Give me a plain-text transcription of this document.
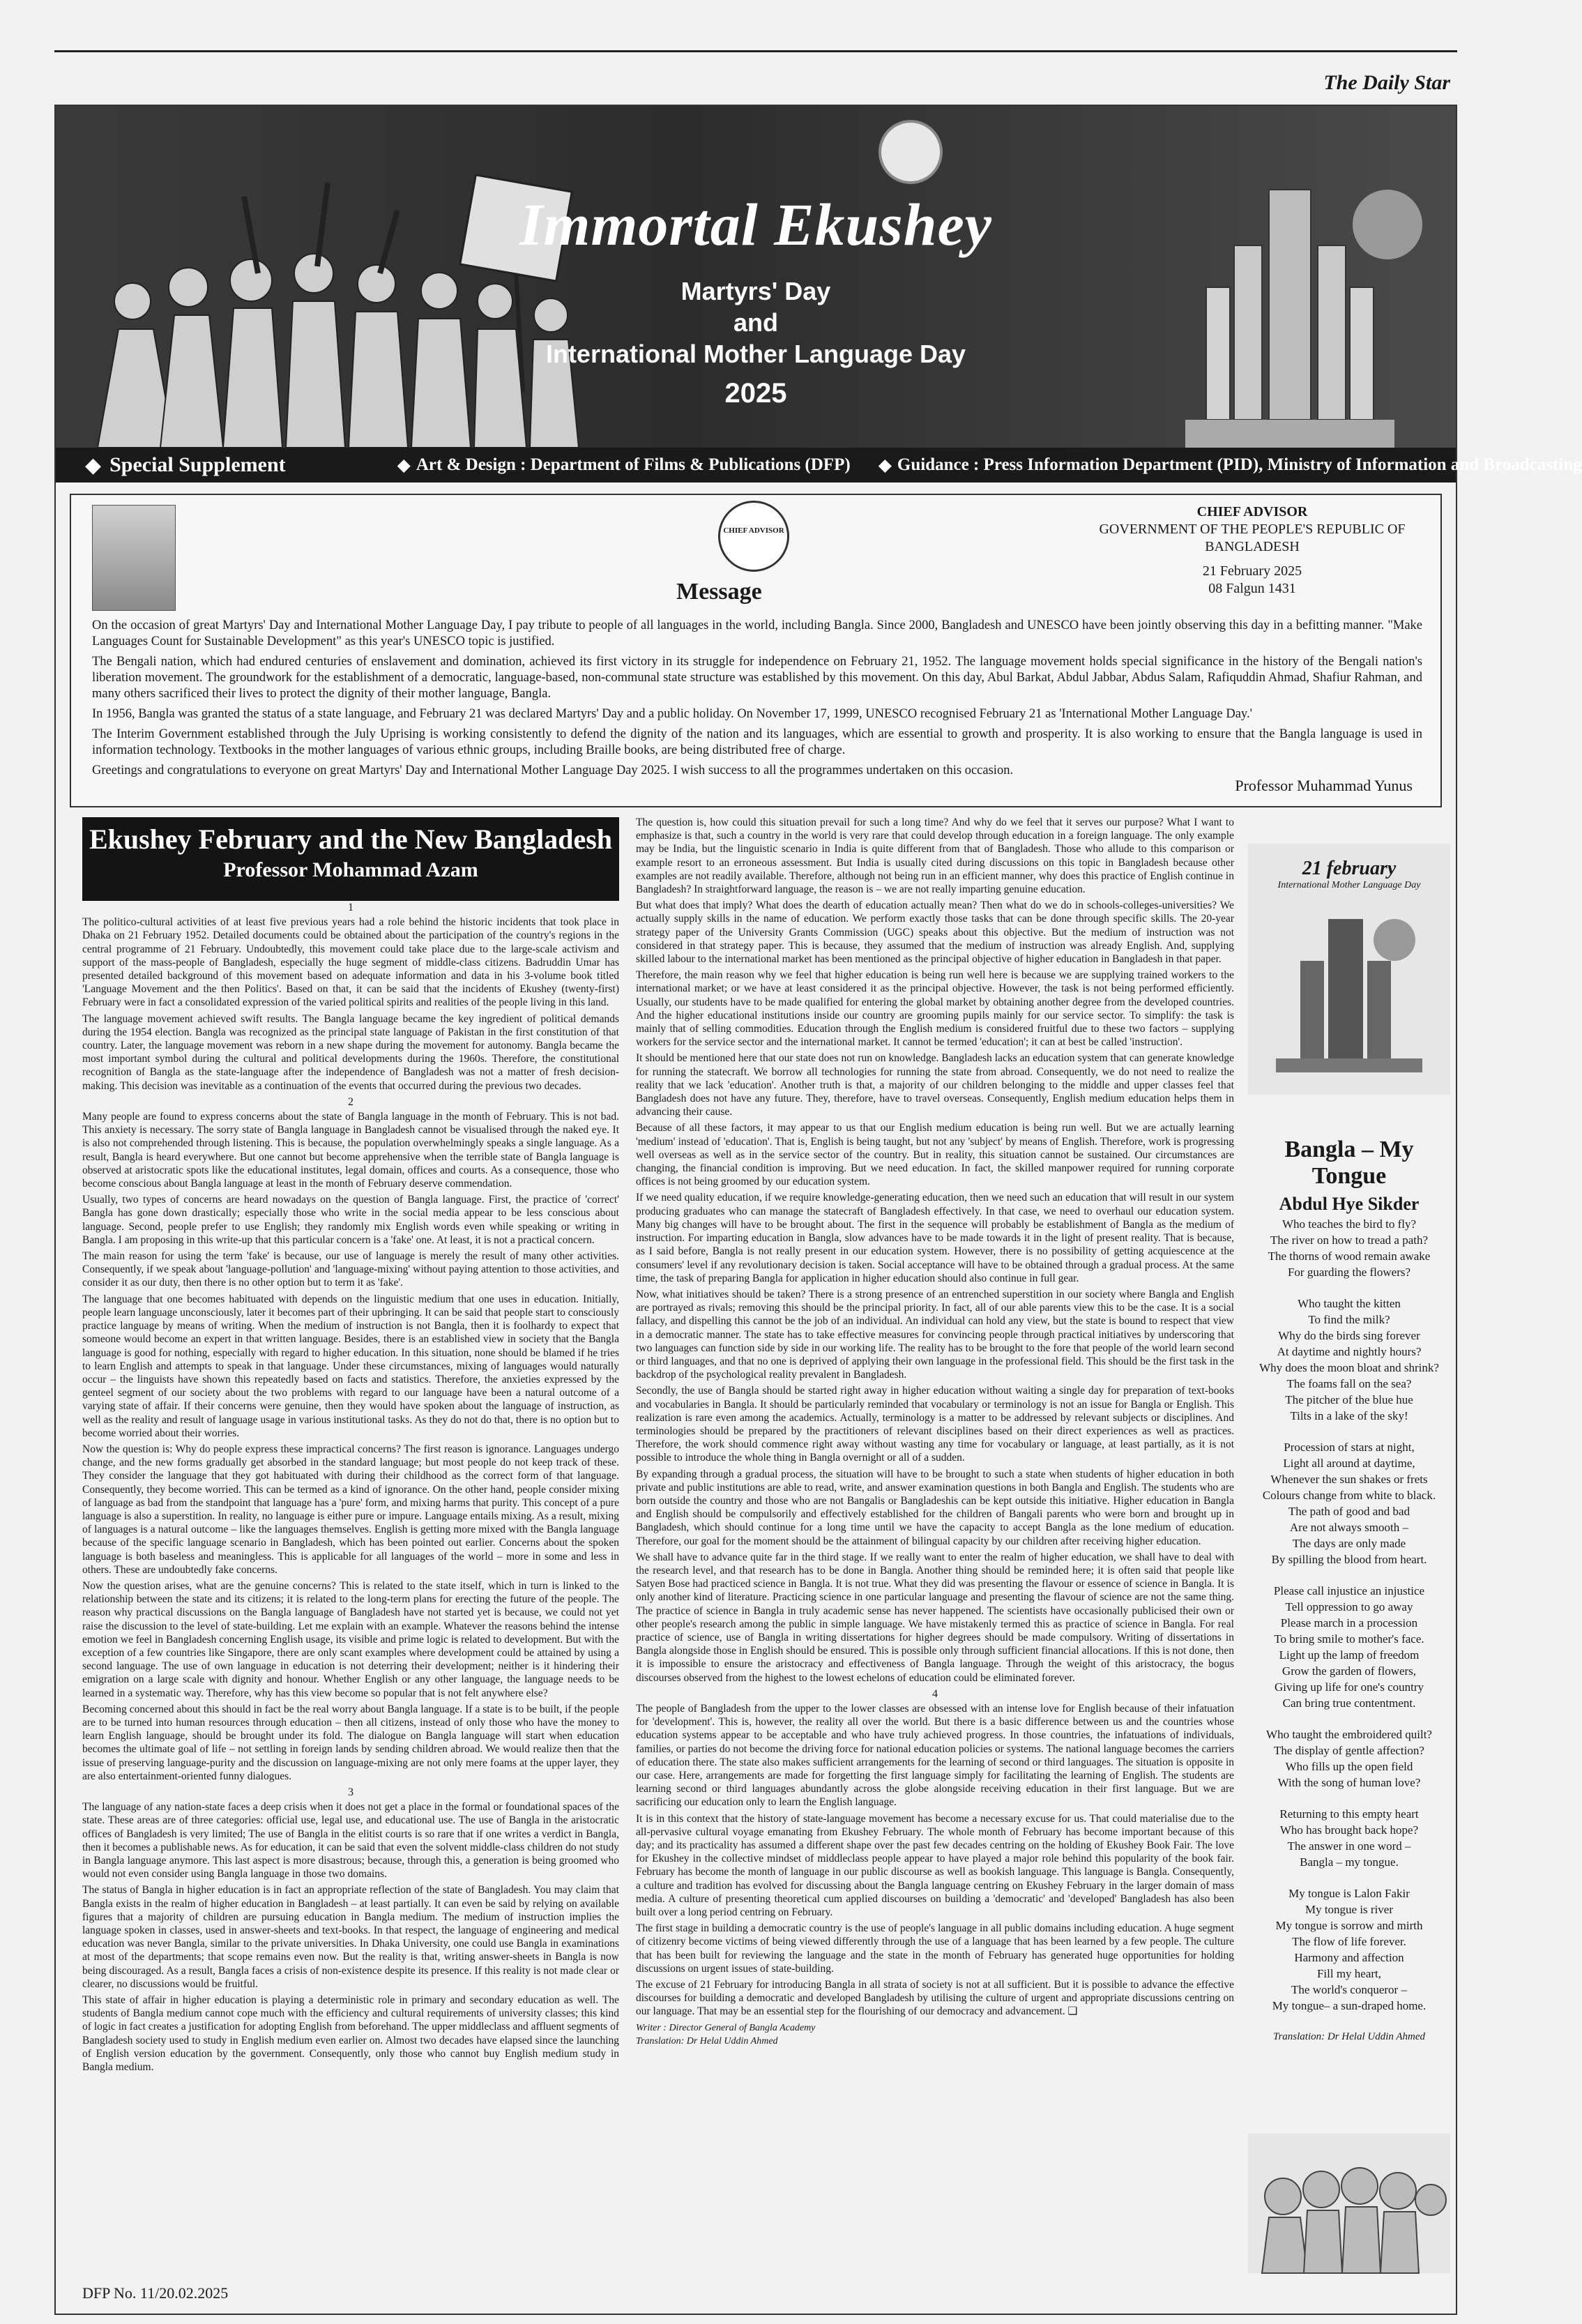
The Daily Star
Immortal Ekushey
Martyrs' Day
and
International Mother Language Day
2025
◆ Special Supplement	◆ Art & Design : Department of Films & Publications (DFP) ◆ Guidance : Press Information Department (PID), Ministry of Information and Broadcasting
CHIEF ADVISOR
Message
CHIEF ADVISOR
GOVERNMENT OF THE PEOPLE'S REPUBLIC OF BANGLADESH
21 February 2025
08 Falgun 1431

On the occasion of great Martyrs' Day and International Mother Language Day, I pay tribute to people of all languages in the world, including Bangla. Since 2000, Bangladesh and UNESCO have been jointly observing this day in a befitting manner. "Make Languages Count for Sustainable Development" as this year's UNESCO topic is justified.

The Bengali nation, which had endured centuries of enslavement and domination, achieved its first victory in its struggle for independence on February 21, 1952. The language movement holds special significance in the history of the Bengali nation's liberation movement. The groundwork for the establishment of a democratic, language-based, non-communal state structure was established by this movement. On this day, Abul Barkat, Abdul Jabbar, Abdus Salam, Rafiquddin Ahmad, Shafiur Rahman, and many others sacrificed their lives to protect the dignity of their mother language, Bangla.

In 1956, Bangla was granted the status of a state language, and February 21 was declared Martyrs' Day and a public holiday. On November 17, 1999, UNESCO recognised February 21 as 'International Mother Language Day.'

The Interim Government established through the July Uprising is working consistently to defend the dignity of the nation and its languages, which are essential to growth and prosperity. It is also working to ensure that the Bangla language is used in information technology. Textbooks in the mother languages of various ethnic groups, including Braille books, are being distributed free of charge.

Greetings and congratulations to everyone on great Martyrs' Day and International Mother Language Day 2025. I wish success to all the programmes undertaken on this occasion.

Professor Muhammad Yunus
Ekushey February and the New Bangladesh
Professor Mohammad Azam
1

The politico-cultural activities of at least five previous years had a role behind the historic incidents that took place in Dhaka on 21 February 1952. Detailed documents could be obtained about the participation of the country's regions in the central programme of 21 February. Undoubtedly, this movement could take place due to the large-scale activism and support of the mass-people of Bangladesh, especially the huge segment of middle-class citizens. Badruddin Umar has presented detailed background of this movement based on adequate information and data in his 3-volume book titled 'Language Movement and the then Politics'. Based on that, it can be said that the incidents of Ekushey (twenty-first) February were in fact a consolidated expression of the varied political spirits and realities of the people living in this land.

The language movement achieved swift results. The Bangla language became the key ingredient of political demands during the 1954 election. Bangla was recognized as the principal state language of Pakistan in the first constitution of that country. Later, the language movement was reborn in a new shape during the movement for autonomy. Bangla became the most important symbol during the cultural and political developments during the 1960s. Therefore, the constitutional recognition of Bangla as the state-language after the independence of Bangladesh was not a matter of fresh decision-making. This decision was inevitable as a continuation of the events that occurred during the previous two decades.

2

Many people are found to express concerns about the state of Bangla language in the month of February. This is not bad. This anxiety is necessary. The sorry state of Bangla language in Bangladesh cannot be visualised through the naked eye. It is also not comprehended through listening. This is because, the population overwhelmingly speaks a single language. As a result, Bangla is heard everywhere. But one cannot but become apprehensive when the terrible state of Bangla language is observed at aristocratic spots like the educational institutes, legal domain, offices and courts. As a consequence, those who become conscious about Bangla language at least in the month of February deserve commendation.

Usually, two types of concerns are heard nowadays on the question of Bangla language. First, the practice of 'correct' Bangla has gone down drastically; especially those who write in the social media appear to be less conscious about language. Second, people prefer to use English; they randomly mix English words even while speaking or writing in Bangla. I am proposing in this write-up that this particular concern is a 'fake' one. At least, it is not a practical concern.

The main reason for using the term 'fake' is because, our use of language is merely the result of many other activities. Consequently, if we speak about 'language-pollution' and 'language-mixing' without paying attention to those activities, and consider it as our duty, then there is no other option but to term it as 'fake'.

The language that one becomes habituated with depends on the linguistic medium that one uses in education. Initially, people learn language unconsciously, later it becomes part of their upbringing. It can be said that people start to consciously practice language by means of writing. When the medium of instruction is not Bangla, then it is foolhardy to expect that someone would become an expert in that written language. Besides, there is an established view in society that the Bangla language is good for nothing, especially with regard to higher education. In this situation, none should be blamed if he tries to learn English and attempts to speak in that language. Under these circumstances, mixing of languages would naturally occur – the linguists have shown this repeatedly based on facts and statistics. Therefore, the anxieties expressed by the genteel segment of our society about the two problems with regard to our language have been a natural outcome of a varying state of affair. If their concerns were genuine, then they would have spoken about the language of instruction, as well as the reality and result of language usage in various institutional tasks. As they do not do that, there is no option but to become worried about their worries.

Now the question is: Why do people express these impractical concerns? The first reason is ignorance. Languages undergo change, and the new forms gradually get absorbed in the standard language; but most people do not keep track of these. They consider the language that they got habituated with during their childhood as the correct form of that language. Consequently, they become worried. This can be termed as a kind of ignorance. On the other hand, people consider mixing of language as bad from the standpoint that language has a 'pure' form, and mixing harms that purity. This concept of a pure language is also a superstition. In reality, no language is either pure or impure. Language entails mixing. As a result, mixing of languages is a natural outcome – like the languages themselves. English is getting more mixed with the Bangla language because of the specific language scenario in Bangladesh, which has been pointed out earlier. Concerns about the spoken language is both baseless and meaningless. This is applicable for all languages of the world – more in some and less in others. These are undoubtedly fake concerns.

Now the question arises, what are the genuine concerns? This is related to the state itself, which in turn is linked to the relationship between the state and its citizens; it is related to the long-term plans for erecting the future of the people. The reason why practical discussions on the Bangla language of Bangladesh have not started yet is because, we could not yet raise the discussion to the level of state-building. Let me explain with an example. Whatever the reasons behind the intense emotion we feel in Bangladesh concerning English usage, its visible and prime logic is related to development. But with the exception of a few countries like Singapore, there are only scant examples where development could be attained by using a second language. The use of own language in education is not deterring their development; neither is it hindering their emigration on a large scale with dignity and honour. Whether English or any other language, the language needs to be learned in a systematic way. Therefore, why has this view become so popular that is not felt anywhere else?

Becoming concerned about this should in fact be the real worry about Bangla language. If a state is to be built, if the people are to be turned into human resources through education – then all citizens, instead of only those who have the money to learn English language, should be brought under its fold. The dialogue on Bangla language will start when education becomes the ultimate goal of life – not settling in foreign lands by sending children abroad. We would realize then that the issue of preserving language-purity and the discussion on language-mixing are not only mere foams at the upper layer, they are also entertainment-oriented funny dialogues.

3

The language of any nation-state faces a deep crisis when it does not get a place in the formal or foundational spaces of the state. These areas are of three categories: official use, legal use, and educational use. The use of Bangla in the aristocratic offices of Bangladesh is very limited; The use of Bangla in the elitist courts is so rare that if one writes a verdict in Bangla, then it becomes a publishable news. As for education, it can be said that even the solvent middle-class children do not study in Bangla language anymore. This last aspect is more disastrous; because, through this, a generation is being groomed who would not even consider using Bangla language in those two domains.

The status of Bangla in higher education is in fact an appropriate reflection of the state of Bangladesh. You may claim that Bangla exists in the realm of higher education in Bangladesh – at least partially. It can even be said by relying on available figures that a majority of children are pursuing education in Bangla medium. The medium of instruction implies the language spoken in classes, used in answer-sheets and text-books. In that respect, the language of engineering and medical education was never Bangla, similar to the private universities. In Dhaka University, one could use Bangla in examinations at most of the departments; that scope remains even now. But the reality is that, writing answer-sheets in Bangla is now being discouraged. As a result, Bangla faces a crisis of non-existence despite its presence. If this reality is not made clear or clearer, no discussions would be fruitful.

This state of affair in higher education is playing a deterministic role in primary and secondary education as well. The students of Bangla medium cannot cope much with the efficiency and cultural requirements of university classes; this kind of logic in fact creates a justification for adopting English from beforehand. The upper middleclass and affluent segments of Bangladesh society used to study in English medium even earlier on. Almost two decades have elapsed since the launching of English version education by the government. Consequently, only those who cannot buy English medium study in Bangla medium.

The question is, how could this situation prevail for such a long time? And why do we feel that it serves our purpose? What I want to emphasize is that, such a country in the world is very rare that could develop through education in a foreign language. The only example may be India, but the linguistic scenario in India is quite different from that of Bangladesh. Those who allude to this comparison or example resort to an erroneous assessment. But India is usually cited during discussions on this topic in Bangladesh because other examples are not readily available. Therefore, although not being run in an efficient manner, why does this practice of English continue in Bangladesh? In straightforward language, the reason is – we are not really imparting genuine education.

But what does that imply? What does the dearth of education actually mean? Then what do we do in schools-colleges-universities? We actually supply skills in the name of education. We perform exactly those tasks that can be done through specific skills. The 20-year strategy paper of the University Grants Commission (UGC) speaks about this objective. But the medium of instruction was not considered in that strategy paper. This is because, they assumed that the medium of instruction was already English. And, supplying skilled labour to the international market has been mentioned as the principal objective of higher education in Bangladesh in that paper.

Therefore, the main reason why we feel that higher education is being run well here is because we are supplying trained workers to the international market; or we have at least considered it as the principal objective. However, the task is not being performed efficiently. Usually, our students have to be made qualified for entering the global market by obtaining another degree from the developed countries. And the higher educational institutions inside our country are grooming pupils mainly for our service sector. To simplify: the task is mainly that of selling commodities. Education through the English medium is considered fruitful due to these two factors – supplying workers for the service sector and the international market. It cannot be termed 'education'; it can at best be called 'instruction'.

It should be mentioned here that our state does not run on knowledge. Bangladesh lacks an education system that can generate knowledge for running the statecraft. We borrow all technologies for running the state from abroad. Consequently, we do not need to realize the reality that we lack 'education'. Another truth is that, a majority of our children belonging to the middle and upper classes feel that Bangladesh does not have any future. They, therefore, have to travel overseas. Consequently, English medium education helps them in advancing their cause.

Because of all these factors, it may appear to us that our English medium education is being run well. But we are actually learning 'medium' instead of 'education'. That is, English is being taught, but not any 'subject' by means of English. Therefore, work is progressing well overseas as well as in the service sector of the country. But in reality, this situation cannot be sustained. Our circumstances are changing, the financial condition is improving. But we need education. In fact, the skilled manpower required for running corporate offices is not being groomed by our education system.

If we need quality education, if we require knowledge-generating education, then we need such an education that will result in our system producing graduates who can manage the statecraft of Bangladesh effectively. In that case, we need to overhaul our education system. Many big changes will have to be brought about. The first in the sequence will probably be establishment of Bangla as the medium of instruction. For imparting education in Bangla, slow advances have to be made towards it in the light of present reality. That is because, as I said before, Bangla is not really present in our education system. However, there is no possibility of getting acquiescence at the consumers' level if any revolutionary decision is taken. Social acceptance will have to be obtained through a gradual process. At the same time, the task of preparing Bangla for application in higher education should also continue in full gear.

Now, what initiatives should be taken? There is a strong presence of an entrenched superstition in our society where Bangla and English are portrayed as rivals; removing this should be the principal priority. In fact, all of our able parents view this to be the case. It is a social fallacy, and dispelling this cannot be the job of an individual. An individual can hold any view, but the state is bound to respect that view in a democratic manner. The state has to take effective measures for convincing people through practical initiatives by underscoring that two languages can function side by side in our working life. The reality has to be brought to the fore that people of the world learn second or third languages, and that no one is deprived of applying their own language in the professional field. This should be the first task in the backdrop of the psychological reality prevalent in Bangladesh.

Secondly, the use of Bangla should be started right away in higher education without waiting a single day for preparation of text-books and vocabularies in Bangla. It should be particularly reminded that vocabulary or terminology is not an issue for Bangla or English. This realization is rare even among the academics. Actually, terminology is a matter to be addressed by relevant subjects or disciplines. And terminologies should be prepared by the practitioners of relevant disciplines based on their direct experiences as well as practices. Therefore, the work should commence right away without wasting any time for vocabulary or language, at least partially, as it is not possible to introduce the whole thing in Bangla overnight or all of a sudden.

By expanding through a gradual process, the situation will have to be brought to such a state when students of higher education in both private and public institutions are able to read, write, and answer examination questions in both Bangla and English. The students who are born outside the country and those who are not Bangalis or Bangladeshis can be kept outside this initiative. Higher education in Bangla and English should be compulsorily and effectively established for the children of Bangali parents who were born and brought up in Bangladesh, which should continue for a long time until we have the capacity to accept Bangla as the lone medium of education. Therefore, our goal for the moment should be the attainment of bilingual capacity by our children after receiving higher education.

We shall have to advance quite far in the third stage. If we really want to enter the realm of higher education, we shall have to deal with the research level, and that research has to be done in Bangla. Another thing should be reminded here; it is often said that people like Satyen Bose had practiced science in Bangla. It is not true. What they did was presenting the flavour or essence of science in Bangla. It is only another kind of literature. Practicing science in one particular language and presenting the flavour of science are not the same thing. The practice of science in Bangla in truly academic sense has never happened. The scientists have occasionally publicised their own or other people's research among the public in simple language. We have mistakenly termed this as practice of science in Bangla. For real practice of science, use of Bangla in writing dissertations for higher degrees should be made compulsory. Writing of dissertations in Bangla alongside those in English should be ensured. This is possible only through sufficient financial allocations. If this is not done, then it is impossible to ensure the aristocracy and effectiveness of Bangla language. Through the weight of this aristocracy, the bogus discourses observed from the highest to the lowest echelons of education could be eliminated forever.

4

The people of Bangladesh from the upper to the lower classes are obsessed with an intense love for English because of their infatuation for 'development'. This is, however, the reality all over the world. But there is a basic difference between us and the countries whose education systems appear to be acceptable and who have truly achieved progress. In those countries, the infatuations of individuals, families, or parties do not become the driving force for national education policies or systems. The national language becomes the carriers of education there. The state also makes sufficient arrangements for the learning of second or third languages. The situation is opposite in our case. Here, arrangements are made for forgetting the first language simply for facilitating the learning of English. The students are learning second or third languages abundantly across the globe alongside receiving education in their first language. But we are sacrificing our education only to learn the English language.

It is in this context that the history of state-language movement has become a necessary excuse for us. That could materialise due to the all-pervasive cultural voyage emanating from Ekushey February. The whole month of February has become important because of this day; and its practicality has assumed a different shape over the past few decades centring on the holding of Ekushey Book Fair. The love for Ekushey in the collective mindset of middleclass people appear to have played a major role behind this popularity of the book fair. February has become the month of language in our public discourse as well as bookish language. This language is Bangla. Consequently, a culture and tradition has evolved for discussing about the Bangla language centring on Ekushey February in the larger domain of mass media. A culture of presenting theoretical cum applied discourses on building a 'democratic' and 'developed' Bangladesh has also been built over a long period centring on February.

The first stage in building a democratic country is the use of people's language in all public domains including education. A huge segment of citizenry become victims of being viewed differently through the use of a language that has been learned by a few people. The culture that has been built for reviewing the language and the state in the month of February has generated huge opportunities for holding discussions on urgent issues of state-building.

The excuse of 21 February for introducing Bangla in all strata of society is not at all sufficient. But it is possible to advance the effective discourses for building a democratic and developed Bangladesh by utilising the culture of urgent and appropriate discussions centring on our language. That may be an essential step for the flourishing of our democracy and advancement. ❏

Writer : Director General of Bangla Academy
Translation: Dr Helal Uddin Ahmed
21 february
International Mother Language Day
Bangla – My Tongue
Abdul Hye Sikder
Who teaches the bird to fly?
The river on how to tread a path?
The thorns of wood remain awake
For guarding the flowers?
Who taught the kitten
To find the milk?
Why do the birds sing forever
At daytime and nightly hours?
Why does the moon bloat and shrink?
The foams fall on the sea?
The pitcher of the blue hue
Tilts in a lake of the sky!
Procession of stars at night,
Light all around at daytime,
Whenever the sun shakes or frets
Colours change from white to black.
The path of good and bad
Are not always smooth –
The days are only made
By spilling the blood from heart.
Please call injustice an injustice
Tell oppression to go away
Please march in a procession
To bring smile to mother's face.
Light up the lamp of freedom
Grow the garden of flowers,
Giving up life for one's country
Can bring true contentment.
Who taught the embroidered quilt?
The display of gentle affection?
Who fills up the open field
With the song of human love?
Returning to this empty heart
Who has brought back hope?
The answer in one word –
Bangla – my tongue.
My tongue is Lalon Fakir
My tongue is river
My tongue is sorrow and mirth
The flow of life forever.
Harmony and affection
Fill my heart,
The world's conqueror –
My tongue– a sun-draped home.
Translation: Dr Helal Uddin Ahmed
DFP No. 11/20.02.2025
